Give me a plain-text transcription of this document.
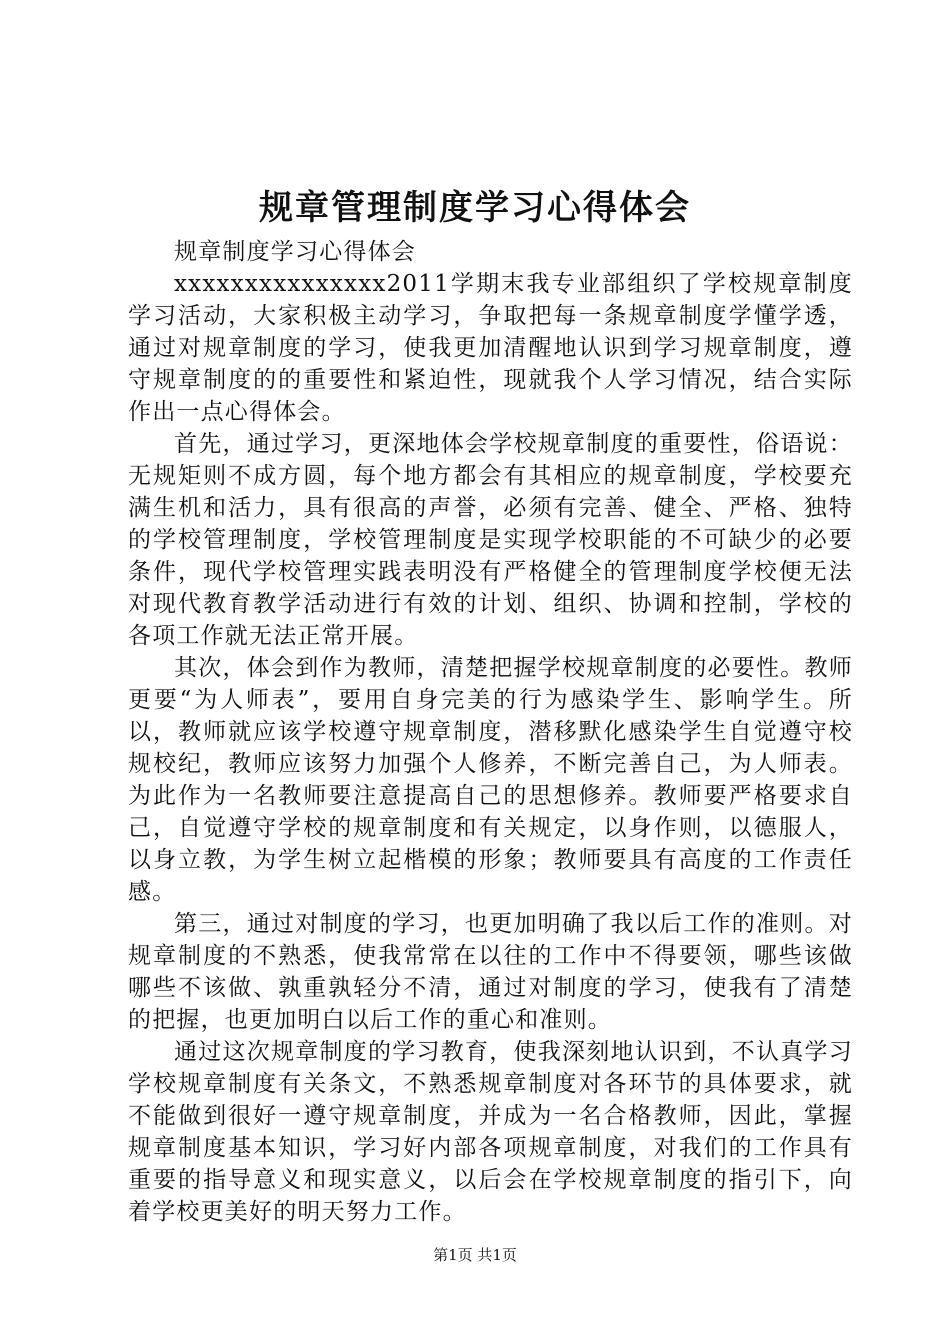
规章管理制度学习心得体会

规章制度学习心得体会

xxxxxxxxxxxxxxx2011学期末我专业部组织了学校规章制度学习活动，大家积极主动学习，争取把每一条规章制度学懂学透，通过对规章制度的学习，使我更加清醒地认识到学习规章制度，遵守规章制度的的重要性和紧迫性，现就我个人学习情况，结合实际作出一点心得体会。

首先，通过学习，更深地体会学校规章制度的重要性，俗语说：无规矩则不成方圆，每个地方都会有其相应的规章制度，学校要充满生机和活力，具有很高的声誉，必须有完善、健全、严格、独特的学校管理制度，学校管理制度是实现学校职能的不可缺少的必要条件，现代学校管理实践表明没有严格健全的管理制度学校便无法对现代教育教学活动进行有效的计划、组织、协调和控制，学校的各项工作就无法正常开展。

其次，体会到作为教师，清楚把握学校规章制度的必要性。教师更要“为人师表”，要用自身完美的行为感染学生、影响学生。所以，教师就应该学校遵守规章制度，潜移默化感染学生自觉遵守校规校纪，教师应该努力加强个人修养，不断完善自己，为人师表。为此作为一名教师要注意提高自己的思想修养。教师要严格要求自己，自觉遵守学校的规章制度和有关规定，以身作则，以德服人，以身立教，为学生树立起楷模的形象；教师要具有高度的工作责任感。

第三，通过对制度的学习，也更加明确了我以后工作的准则。对规章制度的不熟悉，使我常常在以往的工作中不得要领，哪些该做哪些不该做、孰重孰轻分不清，通过对制度的学习，使我有了清楚的把握，也更加明白以后工作的重心和准则。

通过这次规章制度的学习教育，使我深刻地认识到，不认真学习学校规章制度有关条文，不熟悉规章制度对各环节的具体要求，就不能做到很好一遵守规章制度，并成为一名合格教师，因此，掌握规章制度基本知识，学习好内部各项规章制度，对我们的工作具有重要的指导意义和现实意义，以后会在学校规章制度的指引下，向着学校更美好的明天努力工作。

第1页 共1页
